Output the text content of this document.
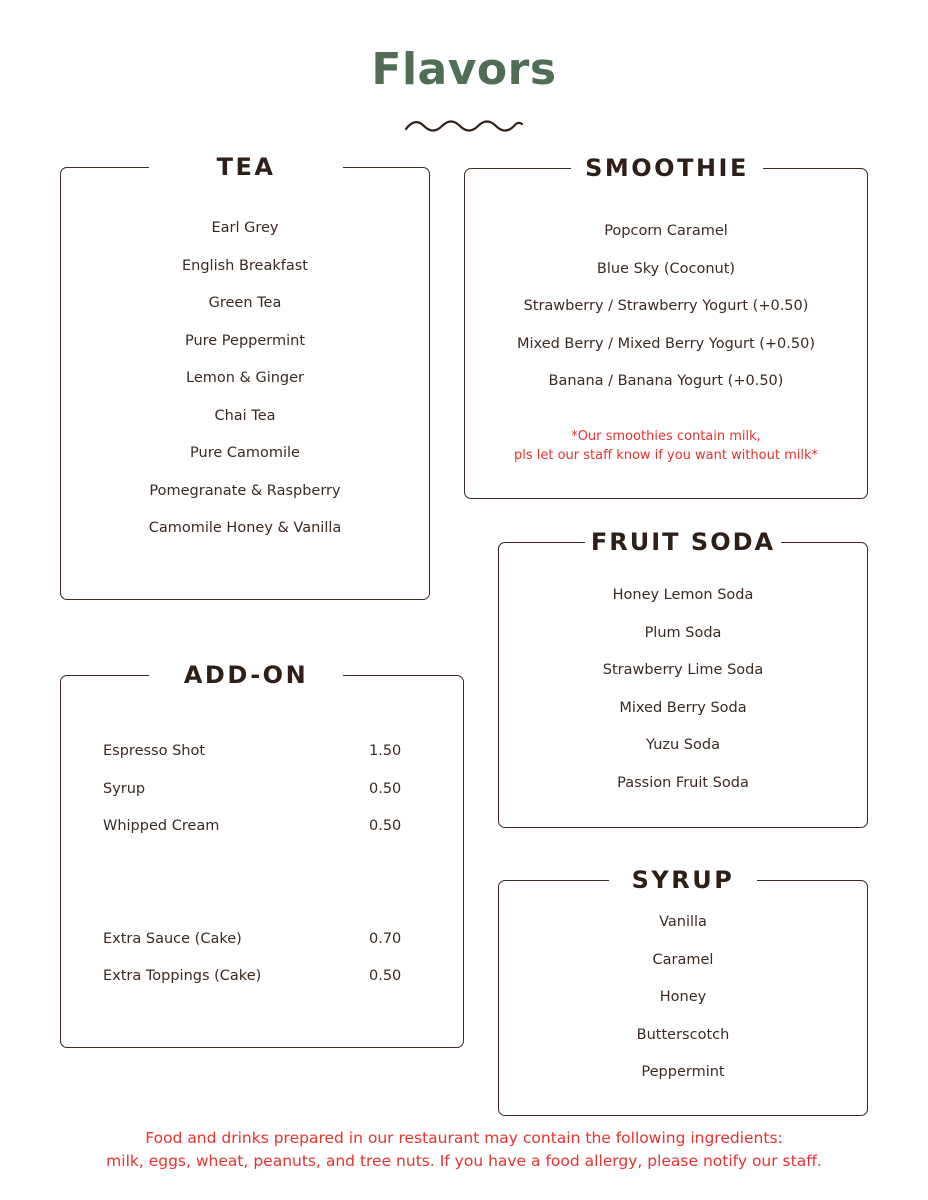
Flavors
TEA
Earl Grey
English Breakfast
Green Tea
Pure Peppermint
Lemon & Ginger
Chai Tea
Pure Camomile
Pomegranate & Raspberry
Camomile Honey & Vanilla
SMOOTHIE
Popcorn Caramel
Blue Sky (Coconut)
Strawberry / Strawberry Yogurt (+0.50)
Mixed Berry / Mixed Berry Yogurt (+0.50)
Banana / Banana Yogurt (+0.50)
*Our smoothies contain milk,
pls let our staff know if you want without milk*
FRUIT SODA
Honey Lemon Soda
Plum Soda
Strawberry Lime Soda
Mixed Berry Soda
Yuzu Soda
Passion Fruit Soda
ADD-ON
Espresso Shot	1.50
Syrup	0.50
Whipped Cream	0.50
Extra Sauce (Cake)	0.70
Extra Toppings (Cake)	0.50
SYRUP
Vanilla
Caramel
Honey
Butterscotch
Peppermint
Food and drinks prepared in our restaurant may contain the following ingredients:
milk, eggs, wheat, peanuts, and tree nuts. If you have a food allergy, please notify our staff.
